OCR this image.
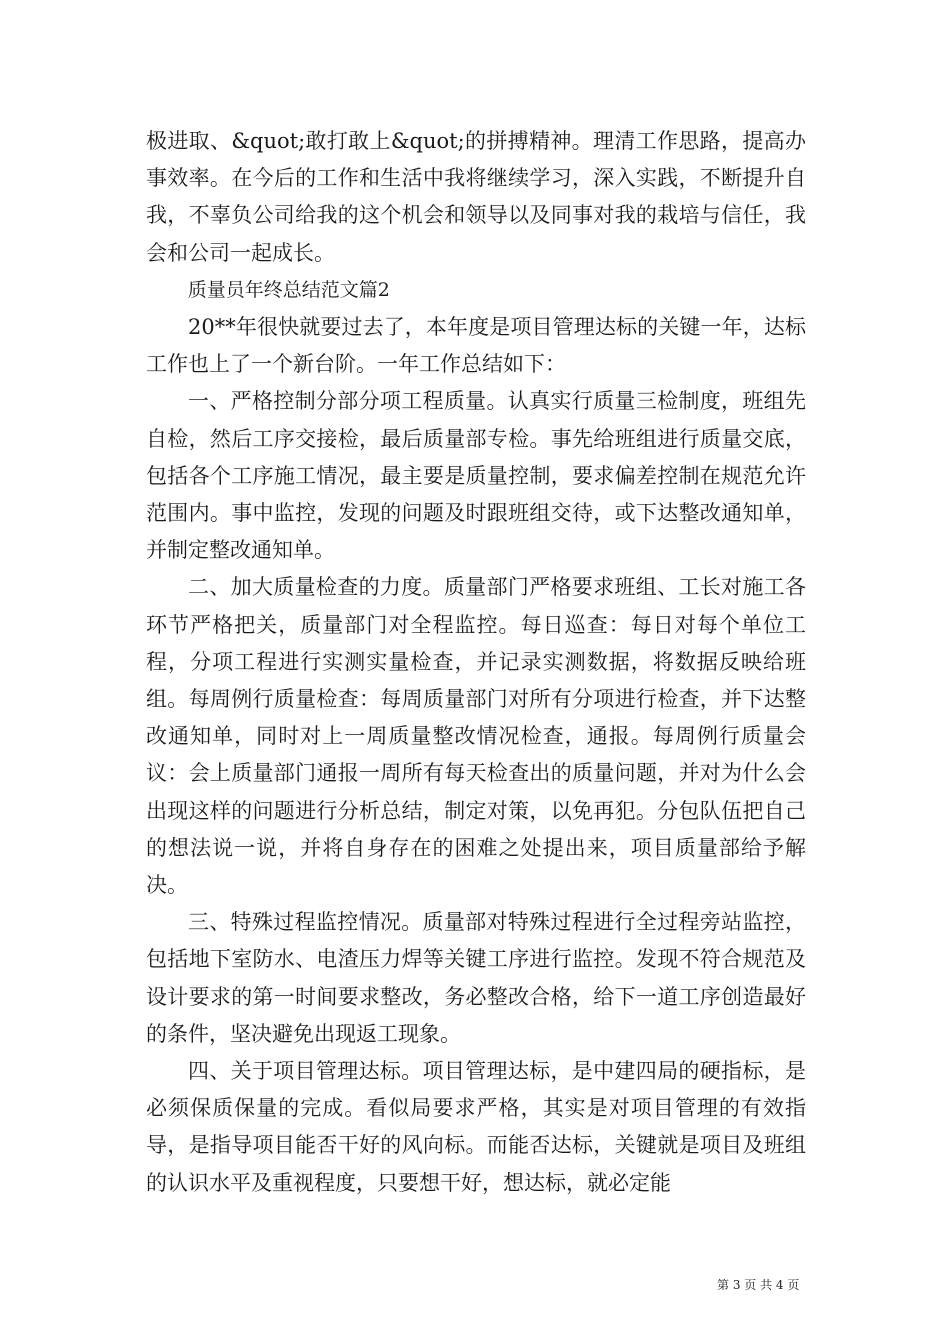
极进取、&quot;敢打敢上&quot;的拼搏精神。理清工作思路，提高办事效率。在今后的工作和生活中我将继续学习，深入实践，不断提升自我，不辜负公司给我的这个机会和领导以及同事对我的栽培与信任，我会和公司一起成长。

质量员年终总结范文篇2

20**年很快就要过去了，本年度是项目管理达标的关键一年，达标工作也上了一个新台阶。一年工作总结如下：

一、严格控制分部分项工程质量。认真实行质量三检制度，班组先自检，然后工序交接检，最后质量部专检。事先给班组进行质量交底，包括各个工序施工情况，最主要是质量控制，要求偏差控制在规范允许范围内。事中监控，发现的问题及时跟班组交待，或下达整改通知单，并制定整改通知单。

二、加大质量检查的力度。质量部门严格要求班组、工长对施工各环节严格把关，质量部门对全程监控。每日巡查：每日对每个单位工程，分项工程进行实测实量检查，并记录实测数据，将数据反映给班组。每周例行质量检查：每周质量部门对所有分项进行检查，并下达整改通知单，同时对上一周质量整改情况检查，通报。每周例行质量会议：会上质量部门通报一周所有每天检查出的质量问题，并对为什么会出现这样的问题进行分析总结，制定对策，以免再犯。分包队伍把自己的想法说一说，并将自身存在的困难之处提出来，项目质量部给予解决。

三、特殊过程监控情况。质量部对特殊过程进行全过程旁站监控，包括地下室防水、电渣压力焊等关键工序进行监控。发现不符合规范及设计要求的第一时间要求整改，务必整改合格，给下一道工序创造最好的条件，坚决避免出现返工现象。

四、关于项目管理达标。项目管理达标，是中建四局的硬指标，是必须保质保量的完成。看似局要求严格，其实是对项目管理的有效指导，是指导项目能否干好的风向标。而能否达标，关键就是项目及班组的认识水平及重视程度，只要想干好，想达标，就必定能

第 3 页 共 4 页
